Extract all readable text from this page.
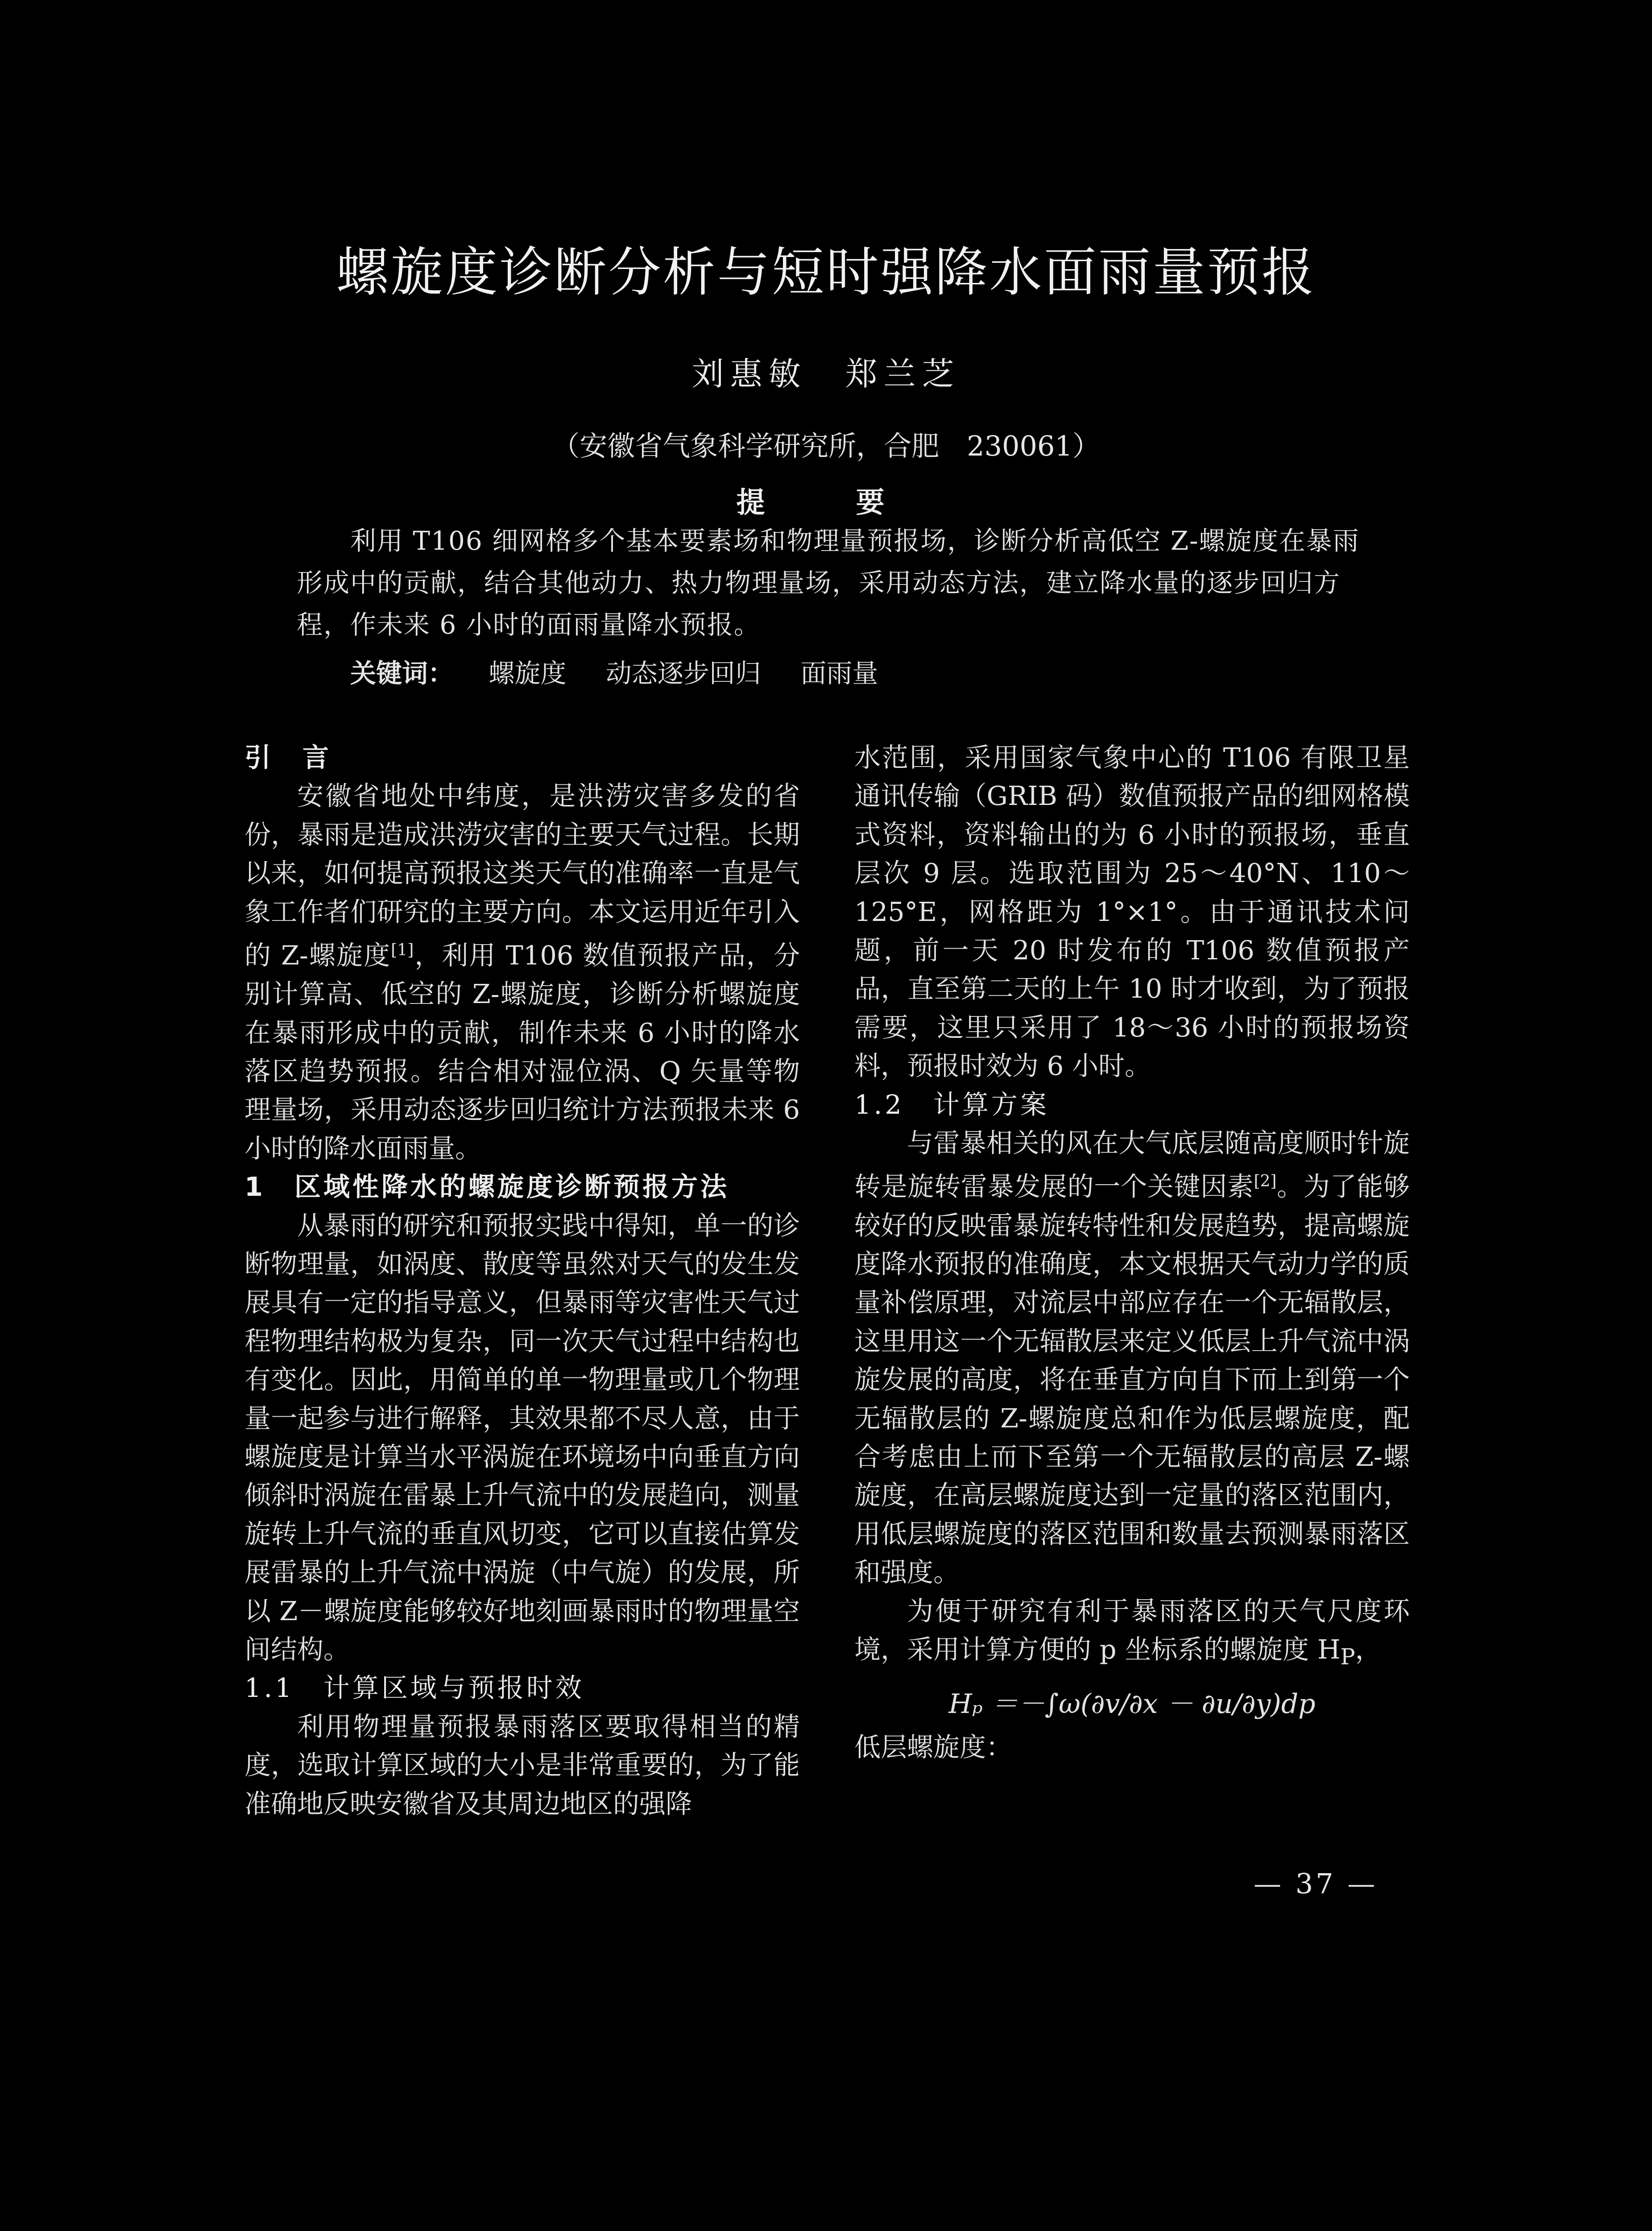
螺旋度诊断分析与短时强降水面雨量预报
刘惠敏　郑兰芝
（安徽省气象科学研究所，合肥　230061）
提　要
利用 T106 细网格多个基本要素场和物理量预报场，诊断分析高低空 Z-螺旋度在暴雨形成中的贡献，结合其他动力、热力物理量场，采用动态方法，建立降水量的逐步回归方程，作未来 6 小时的面雨量降水预报。
关键词： 螺旋度 动态逐步回归 面雨量
引　言

安徽省地处中纬度，是洪涝灾害多发的省份，暴雨是造成洪涝灾害的主要天气过程。长期以来，如何提高预报这类天气的准确率一直是气象工作者们研究的主要方向。本文运用近年引入的 Z-螺旋度[1]，利用 T106 数值预报产品，分别计算高、低空的 Z-螺旋度，诊断分析螺旋度在暴雨形成中的贡献，制作未来 6 小时的降水落区趋势预报。结合相对湿位涡、Q 矢量等物理量场，采用动态逐步回归统计方法预报未来 6 小时的降水面雨量。

1　区域性降水的螺旋度诊断预报方法

从暴雨的研究和预报实践中得知，单一的诊断物理量，如涡度、散度等虽然对天气的发生发展具有一定的指导意义，但暴雨等灾害性天气过程物理结构极为复杂，同一次天气过程中结构也有变化。因此，用简单的单一物理量或几个物理量一起参与进行解释，其效果都不尽人意，由于螺旋度是计算当水平涡旋在环境场中向垂直方向倾斜时涡旋在雷暴上升气流中的发展趋向，测量旋转上升气流的垂直风切变，它可以直接估算发展雷暴的上升气流中涡旋（中气旋）的发展，所以 Z－螺旋度能够较好地刻画暴雨时的物理量空间结构。

1.1　计算区域与预报时效

利用物理量预报暴雨落区要取得相当的精度，选取计算区域的大小是非常重要的，为了能准确地反映安徽省及其周边地区的强降

水范围，采用国家气象中心的 T106 有限卫星通讯传输（GRIB 码）数值预报产品的细网格模式资料，资料输出的为 6 小时的预报场，垂直层次 9 层。选取范围为 25～40°N、110～125°E，网格距为 1°×1°。由于通讯技术问题，前一天 20 时发布的 T106 数值预报产品，直至第二天的上午 10 时才收到，为了预报需要，这里只采用了 18～36 小时的预报场资料，预报时效为 6 小时。

1.2　计算方案

与雷暴相关的风在大气底层随高度顺时针旋转是旋转雷暴发展的一个关键因素[2]。为了能够较好的反映雷暴旋转特性和发展趋势，提高螺旋度降水预报的准确度，本文根据天气动力学的质量补偿原理，对流层中部应存在一个无辐散层，这里用这一个无辐散层来定义低层上升气流中涡旋发展的高度，将在垂直方向自下而上到第一个无辐散层的 Z-螺旋度总和作为低层螺旋度，配合考虑由上而下至第一个无辐散层的高层 Z-螺旋度，在高层螺旋度达到一定量的落区范围内，用低层螺旋度的落区范围和数量去预测暴雨落区和强度。

为便于研究有利于暴雨落区的天气尺度环境，采用计算方便的 p 坐标系的螺旋度 $H_P$，

Hₚ ＝－∫ω(∂v/∂x － ∂u/∂y)dp

低层螺旋度：

— 37 —
